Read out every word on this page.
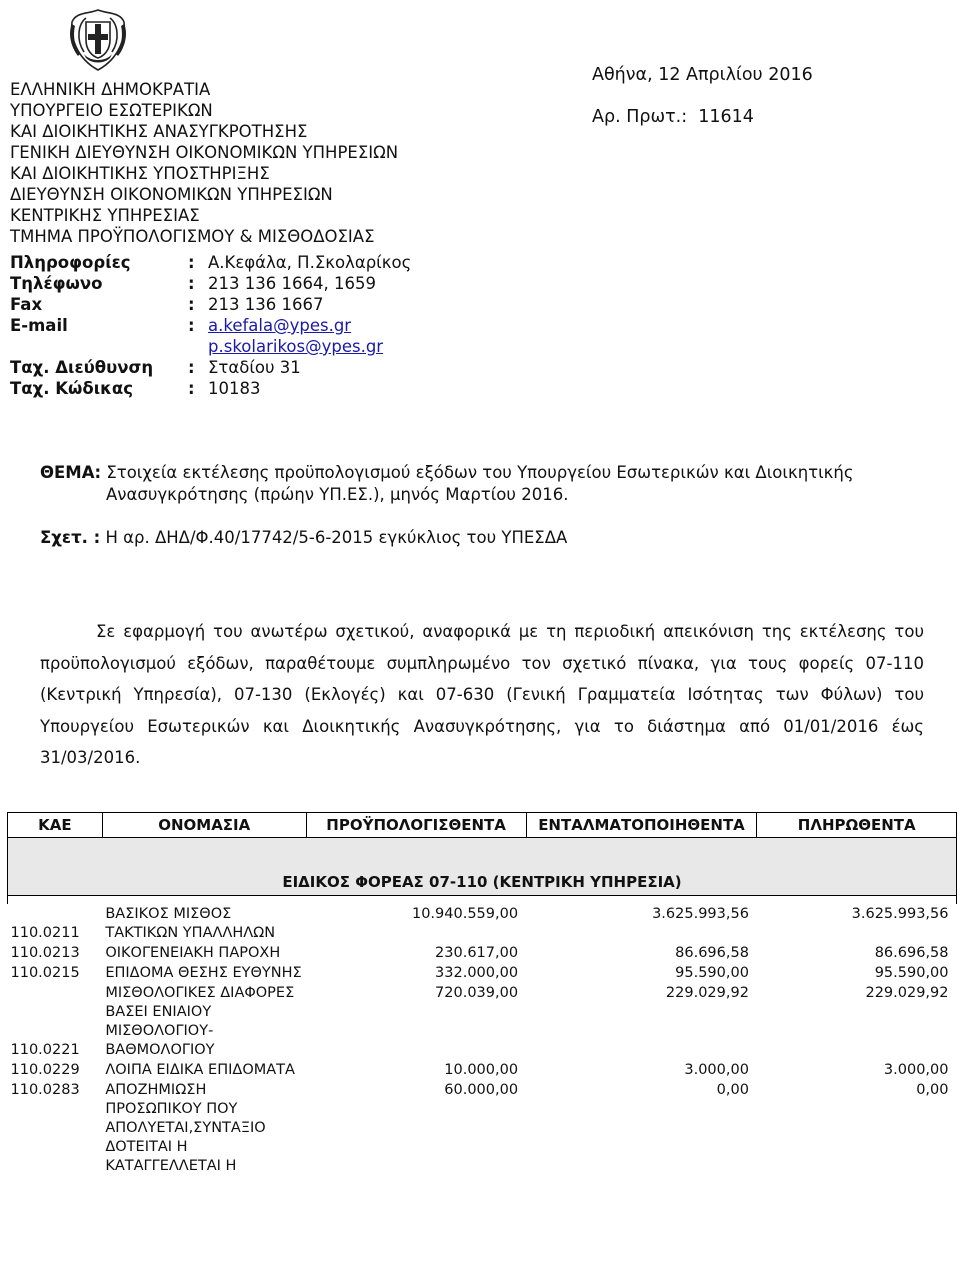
ΕΛΛΗΝΙΚΗ ΔΗΜΟΚΡΑΤΙΑ
ΥΠΟΥΡΓΕΙΟ ΕΣΩΤΕΡΙΚΩΝ
ΚΑΙ ΔΙΟΙΚΗΤΙΚΗΣ ΑΝΑΣΥΓΚΡΟΤΗΣΗΣ
ΓΕΝΙΚΗ ΔΙΕΥΘΥΝΣΗ ΟΙΚΟΝΟΜΙΚΩΝ ΥΠΗΡΕΣΙΩΝ
ΚΑΙ ΔΙΟΙΚΗΤΙΚΗΣ ΥΠΟΣΤΗΡΙΞΗΣ
ΔΙΕΥΘΥΝΣΗ ΟΙΚΟΝΟΜΙΚΩΝ ΥΠΗΡΕΣΙΩΝ
ΚΕΝΤΡΙΚΗΣ ΥΠΗΡΕΣΙΑΣ
ΤΜΗΜΑ ΠΡΟΫΠΟΛΟΓΙΣΜΟΥ & ΜΙΣΘΟΔΟΣΙΑΣ
Πληροφορίες	:	Α.Κεφάλα, Π.Σκολαρίκος
Τηλέφωνο	:	213 136 1664, 1659
Fax	:	213 136 1667
E-mail	:	a.kefala@ypes.gr
p.skolarikos@ypes.gr

Ταχ. Διεύθυνση	:	Σταδίου 31
Ταχ. Κώδικας	:	10183
Αθήνα, 12 Απριλίου 2016
Αρ. Πρωτ.: 11614
ΘΕΜΑ: Στοιχεία εκτέλεσης προϋπολογισμού εξόδων του Υπουργείου Εσωτερικών και Διοικητικής
Ανασυγκρότησης (πρώην ΥΠ.ΕΣ.), μηνός Μαρτίου 2016.
Σχετ. : Η αρ. ΔΗΔ/Φ.40/17742/5-6-2015 εγκύκλιος του ΥΠΕΣΔΑ
Σε εφαρμογή του ανωτέρω σχετικού, αναφορικά με τη περιοδική απεικόνιση της εκτέλεσης του προϋπολογισμού εξόδων, παραθέτουμε συμπληρωμένο τον σχετικό πίνακα, για τους φορείς 07-110 (Κεντρική Υπηρεσία), 07-130 (Εκλογές) και 07-630 (Γενική Γραμματεία Ισότητας των Φύλων) του Υπουργείου Εσωτερικών και Διοικητικής Ανασυγκρότησης, για το διάστημα από 01/01/2016 έως 31/03/2016.
ΚΑΕ	ΟΝΟΜΑΣΙΑ	ΠΡΟΫΠΟΛΟΓΙΣΘΕΝΤΑ	ΕΝΤΑΛΜΑΤΟΠΟΙΗΘΕΝΤΑ	ΠΛΗΡΩΘΕΝΤΑ
ΕΙΔΙΚΟΣ ΦΟΡΕΑΣ 07-110 (ΚΕΝΤΡΙΚΗ ΥΠΗΡΕΣΙΑ)				

110.0211	ΒΑΣΙΚΟΣ ΜΙΣΘΟΣ ΤΑΚΤΙΚΩΝ ΥΠΑΛΛΗΛΩΝ	10.940.559,00	3.625.993,56	3.625.993,56
110.0213	ΟΙΚΟΓΕΝΕΙΑΚΗ ΠΑΡΟΧΗ	230.617,00	86.696,58	86.696,58
110.0215	ΕΠΙΔΟΜΑ ΘΕΣΗΣ ΕΥΘΥΝΗΣ	332.000,00	95.590,00	95.590,00
110.0221	ΜΙΣΘΟΛΟΓΙΚΕΣ ΔΙΑΦΟΡΕΣ ΒΑΣΕΙ ΕΝΙΑΙΟΥ ΜΙΣΘΟΛΟΓΙΟΥ-ΒΑΘΜΟΛΟΓΙΟΥ	720.039,00	229.029,92	229.029,92
110.0229	ΛΟΙΠΑ ΕΙΔΙΚΑ ΕΠΙΔΟΜΑΤΑ	10.000,00	3.000,00	3.000,00
110.0283	ΑΠΟΖΗΜΙΩΣΗ ΠΡΟΣΩΠΙΚΟΥ ΠΟΥ ΑΠΟΛΥΕΤΑΙ,ΣΥΝΤΑΞΙΟ ΔΟΤΕΙΤΑΙ Η ΚΑΤΑΓΓΕΛΛΕΤΑΙ Η	60.000,00	0,00	0,00
